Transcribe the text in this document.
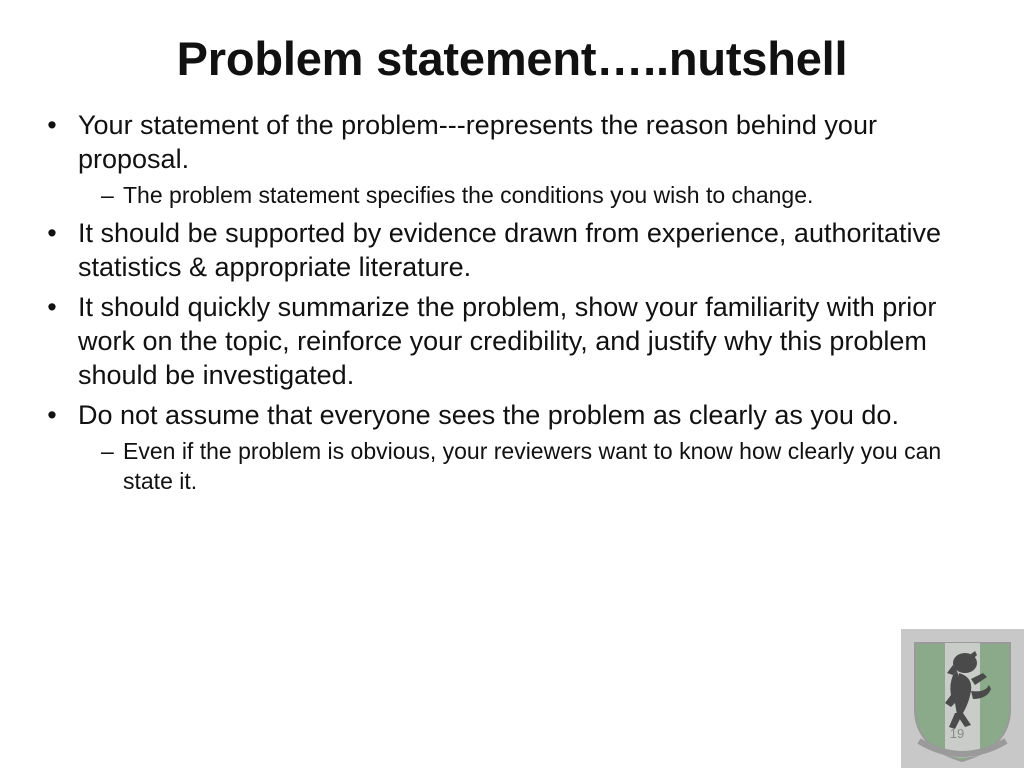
Problem statement…..nutshell
• Your statement of the problem---represents the reason behind your proposal.
– The problem statement specifies the conditions you wish to change.
• It should be supported by evidence drawn from experience, authoritative statistics & appropriate literature.
• It should quickly summarize the problem, show your familiarity with prior work on the topic, reinforce your credibility, and justify why this problem should be investigated.
• Do not assume that everyone sees the problem as clearly as you do.
– Even if the problem is obvious, your reviewers want to know how clearly you can state it.
19
